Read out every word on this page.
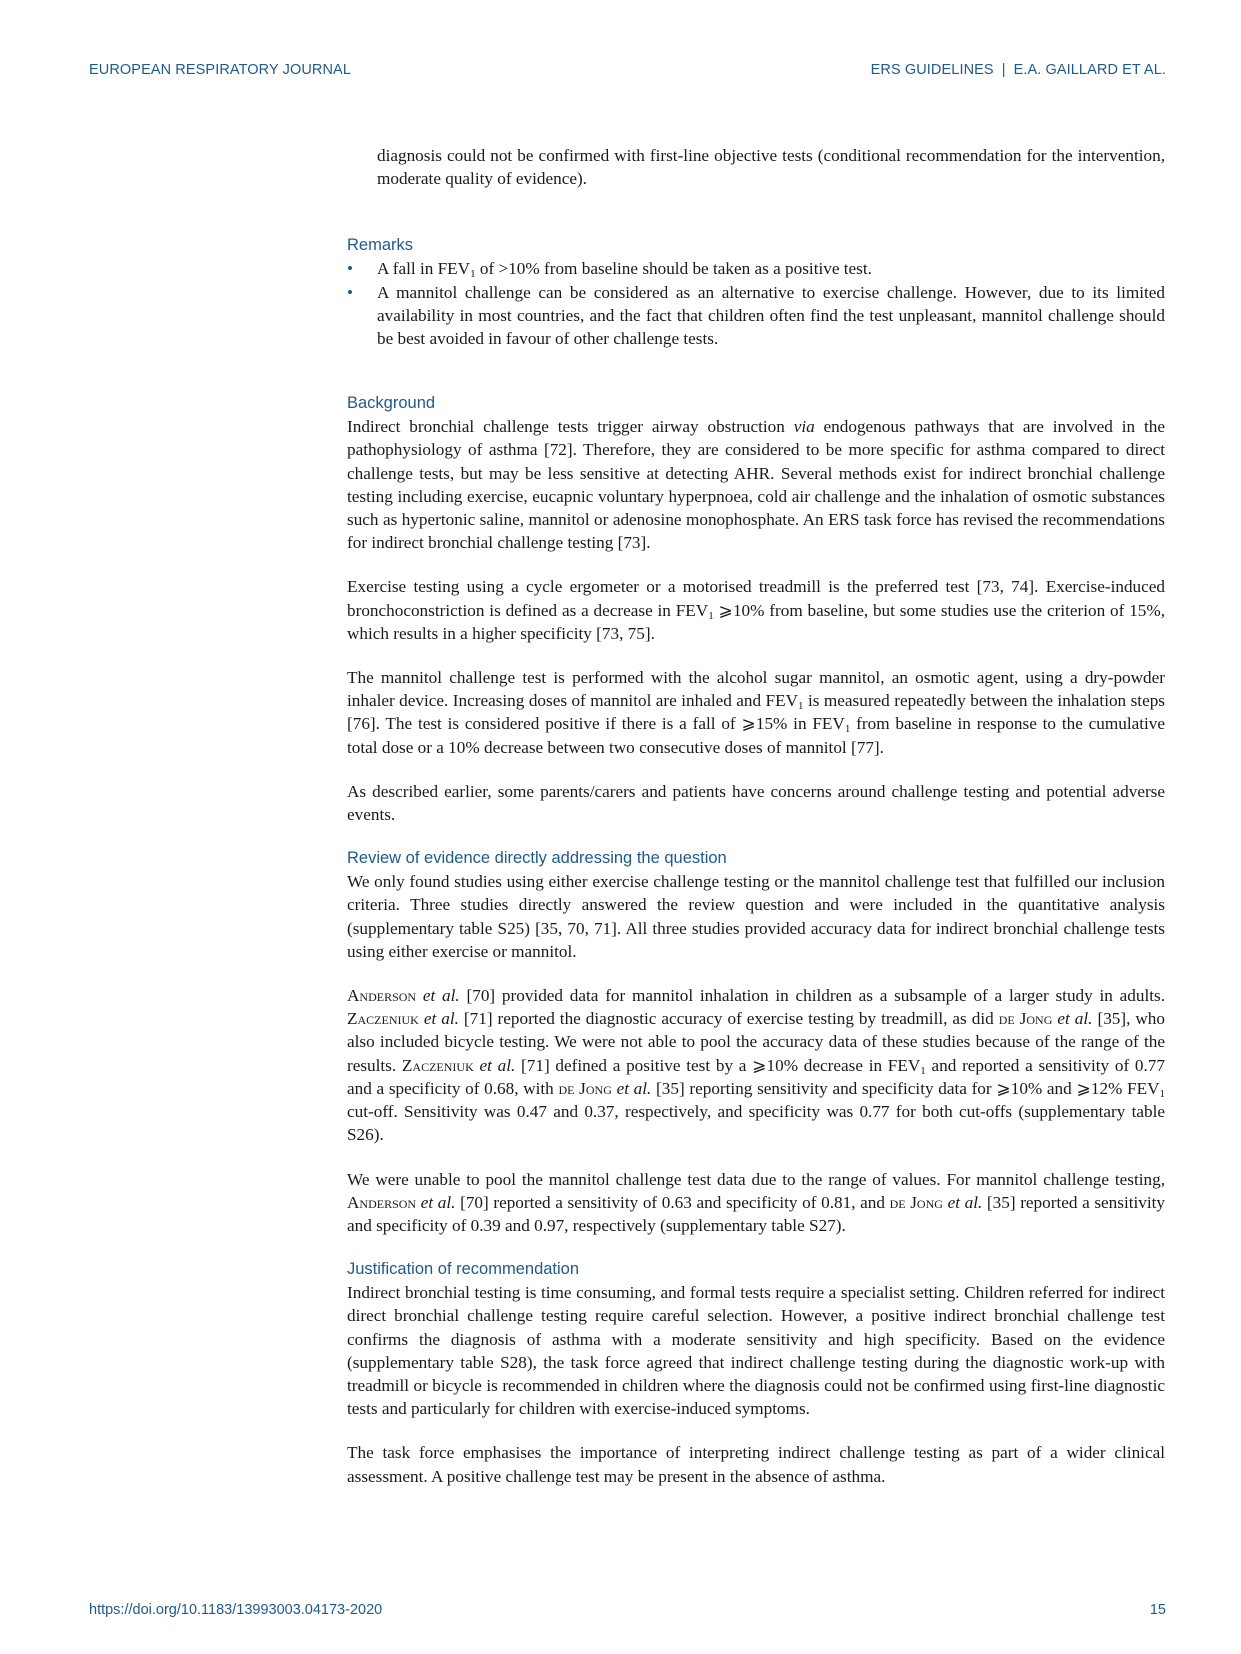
EUROPEAN RESPIRATORY JOURNAL	ERS GUIDELINES | E.A. GAILLARD ET AL.

diagnosis could not be confirmed with first-line objective tests (conditional recommendation for the intervention, moderate quality of evidence).

Remarks
• A fall in $FEV_1$ of >10% from baseline should be taken as a positive test.
• A mannitol challenge can be considered as an alternative to exercise challenge. However, due to its limited availability in most countries, and the fact that children often find the test unpleasant, mannitol challenge should be best avoided in favour of other challenge tests.
Background

Indirect bronchial challenge tests trigger airway obstruction via endogenous pathways that are involved in the pathophysiology of asthma [72]. Therefore, they are considered to be more specific for asthma compared to direct challenge tests, but may be less sensitive at detecting AHR. Several methods exist for indirect bronchial challenge testing including exercise, eucapnic voluntary hyperpnoea, cold air challenge and the inhalation of osmotic substances such as hypertonic saline, mannitol or adenosine monophosphate. An ERS task force has revised the recommendations for indirect bronchial challenge testing [73].

Exercise testing using a cycle ergometer or a motorised treadmill is the preferred test [73, 74]. Exercise-induced bronchoconstriction is defined as a decrease in $FEV_1$ ⩾10% from baseline, but some studies use the criterion of 15%, which results in a higher specificity [73, 75].

The mannitol challenge test is performed with the alcohol sugar mannitol, an osmotic agent, using a dry-powder inhaler device. Increasing doses of mannitol are inhaled and $FEV_1$ is measured repeatedly between the inhalation steps [76]. The test is considered positive if there is a fall of ⩾15% in $FEV_1$ from baseline in response to the cumulative total dose or a 10% decrease between two consecutive doses of mannitol [77].

As described earlier, some parents/carers and patients have concerns around challenge testing and potential adverse events.

Review of evidence directly addressing the question

We only found studies using either exercise challenge testing or the mannitol challenge test that fulfilled our inclusion criteria. Three studies directly answered the review question and were included in the quantitative analysis (supplementary table S25) [35, 70, 71]. All three studies provided accuracy data for indirect bronchial challenge tests using either exercise or mannitol.

Anderson et al. [70] provided data for mannitol inhalation in children as a subsample of a larger study in adults. Zaczeniuk et al. [71] reported the diagnostic accuracy of exercise testing by treadmill, as did de Jong et al. [35], who also included bicycle testing. We were not able to pool the accuracy data of these studies because of the range of the results. Zaczeniuk et al. [71] defined a positive test by a ⩾10% decrease in $FEV_1$ and reported a sensitivity of 0.77 and a specificity of 0.68, with de Jong et al. [35] reporting sensitivity and specificity data for ⩾10% and ⩾12% $FEV_1$ cut-off. Sensitivity was 0.47 and 0.37, respectively, and specificity was 0.77 for both cut-offs (supplementary table S26).

We were unable to pool the mannitol challenge test data due to the range of values. For mannitol challenge testing, Anderson et al. [70] reported a sensitivity of 0.63 and specificity of 0.81, and de Jong et al. [35] reported a sensitivity and specificity of 0.39 and 0.97, respectively (supplementary table S27).

Justification of recommendation

Indirect bronchial testing is time consuming, and formal tests require a specialist setting. Children referred for indirect direct bronchial challenge testing require careful selection. However, a positive indirect bronchial challenge test confirms the diagnosis of asthma with a moderate sensitivity and high specificity. Based on the evidence (supplementary table S28), the task force agreed that indirect challenge testing during the diagnostic work-up with treadmill or bicycle is recommended in children where the diagnosis could not be confirmed using first-line diagnostic tests and particularly for children with exercise-induced symptoms.

The task force emphasises the importance of interpreting indirect challenge testing as part of a wider clinical assessment. A positive challenge test may be present in the absence of asthma.

https://doi.org/10.1183/13993003.04173-2020	15
